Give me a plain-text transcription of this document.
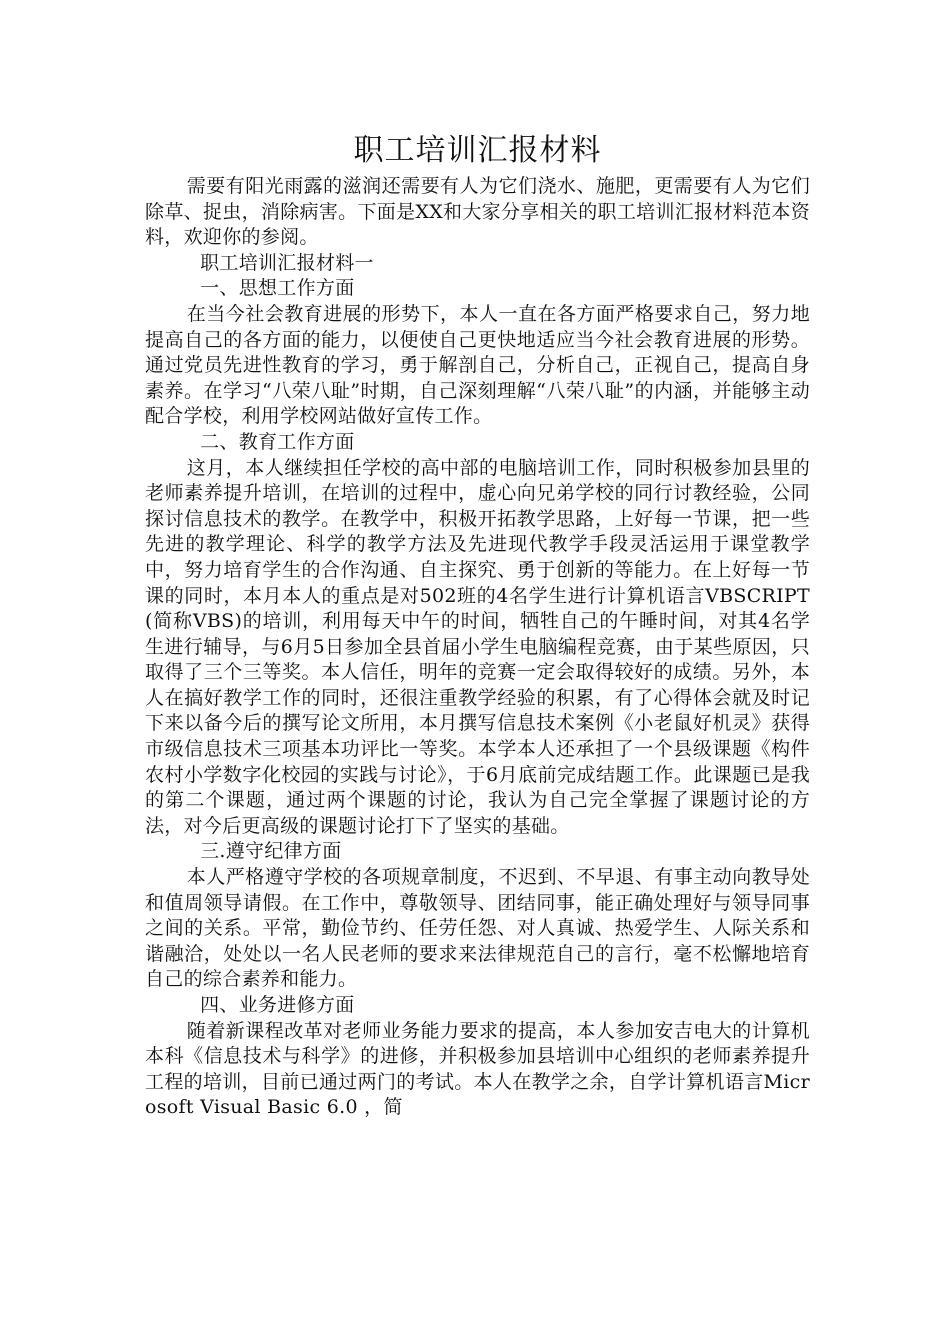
职工培训汇报材料

需要有阳光雨露的滋润还需要有人为它们浇水、施肥，更需要有人为它们除草、捉虫，消除病害。下面是XX和大家分享相关的职工培训汇报材料范本资料，欢迎你的参阅。

职工培训汇报材料一

一、思想工作方面

在当今社会教育进展的形势下，本人一直在各方面严格要求自己，努力地提高自己的各方面的能力，以便使自己更快地适应当今社会教育进展的形势。通过党员先进性教育的学习，勇于解剖自己，分析自己，正视自己，提高自身素养。在学习“八荣八耻”时期，自己深刻理解“八荣八耻”的内涵，并能够主动配合学校，利用学校网站做好宣传工作。

二、教育工作方面

这月，本人继续担任学校的高中部的电脑培训工作，同时积极参加县里的老师素养提升培训，在培训的过程中，虚心向兄弟学校的同行讨教经验，公同探讨信息技术的教学。在教学中，积极开拓教学思路，上好每一节课，把一些先进的教学理论、科学的教学方法及先进现代教学手段灵活运用于课堂教学中，努力培育学生的合作沟通、自主探究、勇于创新的等能力。在上好每一节课的同时，本月本人的重点是对502班的4名学生进行计算机语言VBSCRIPT(简称VBS)的培训，利用每天中午的时间，牺牲自己的午睡时间，对其4名学生进行辅导，与6月5日参加全县首届小学生电脑编程竞赛，由于某些原因，只取得了三个三等奖。本人信任，明年的竞赛一定会取得较好的成绩。另外，本人在搞好教学工作的同时，还很注重教学经验的积累，有了心得体会就及时记下来以备今后的撰写论文所用，本月撰写信息技术案例《小老鼠好机灵》获得市级信息技术三项基本功评比一等奖。本学本人还承担了一个县级课题《构件农村小学数字化校园的实践与讨论》，于6月底前完成结题工作。此课题已是我的第二个课题，通过两个课题的讨论，我认为自己完全掌握了课题讨论的方法，对今后更高级的课题讨论打下了坚实的基础。

三.遵守纪律方面

本人严格遵守学校的各项规章制度，不迟到、不早退、有事主动向教导处和值周领导请假。在工作中，尊敬领导、团结同事，能正确处理好与领导同事之间的关系。平常，勤俭节约、任劳任怨、对人真诚、热爱学生、人际关系和谐融洽，处处以一名人民老师的要求来法律规范自己的言行，毫不松懈地培育自己的综合素养和能力。

四、业务进修方面

随着新课程改革对老师业务能力要求的提高，本人参加安吉电大的计算机本科《信息技术与科学》的进修，并积极参加县培训中心组织的老师素养提升工程的培训，目前已通过两门的考试。本人在教学之余，自学计算机语言Microsoft Visual Basic 6.0 ，简
